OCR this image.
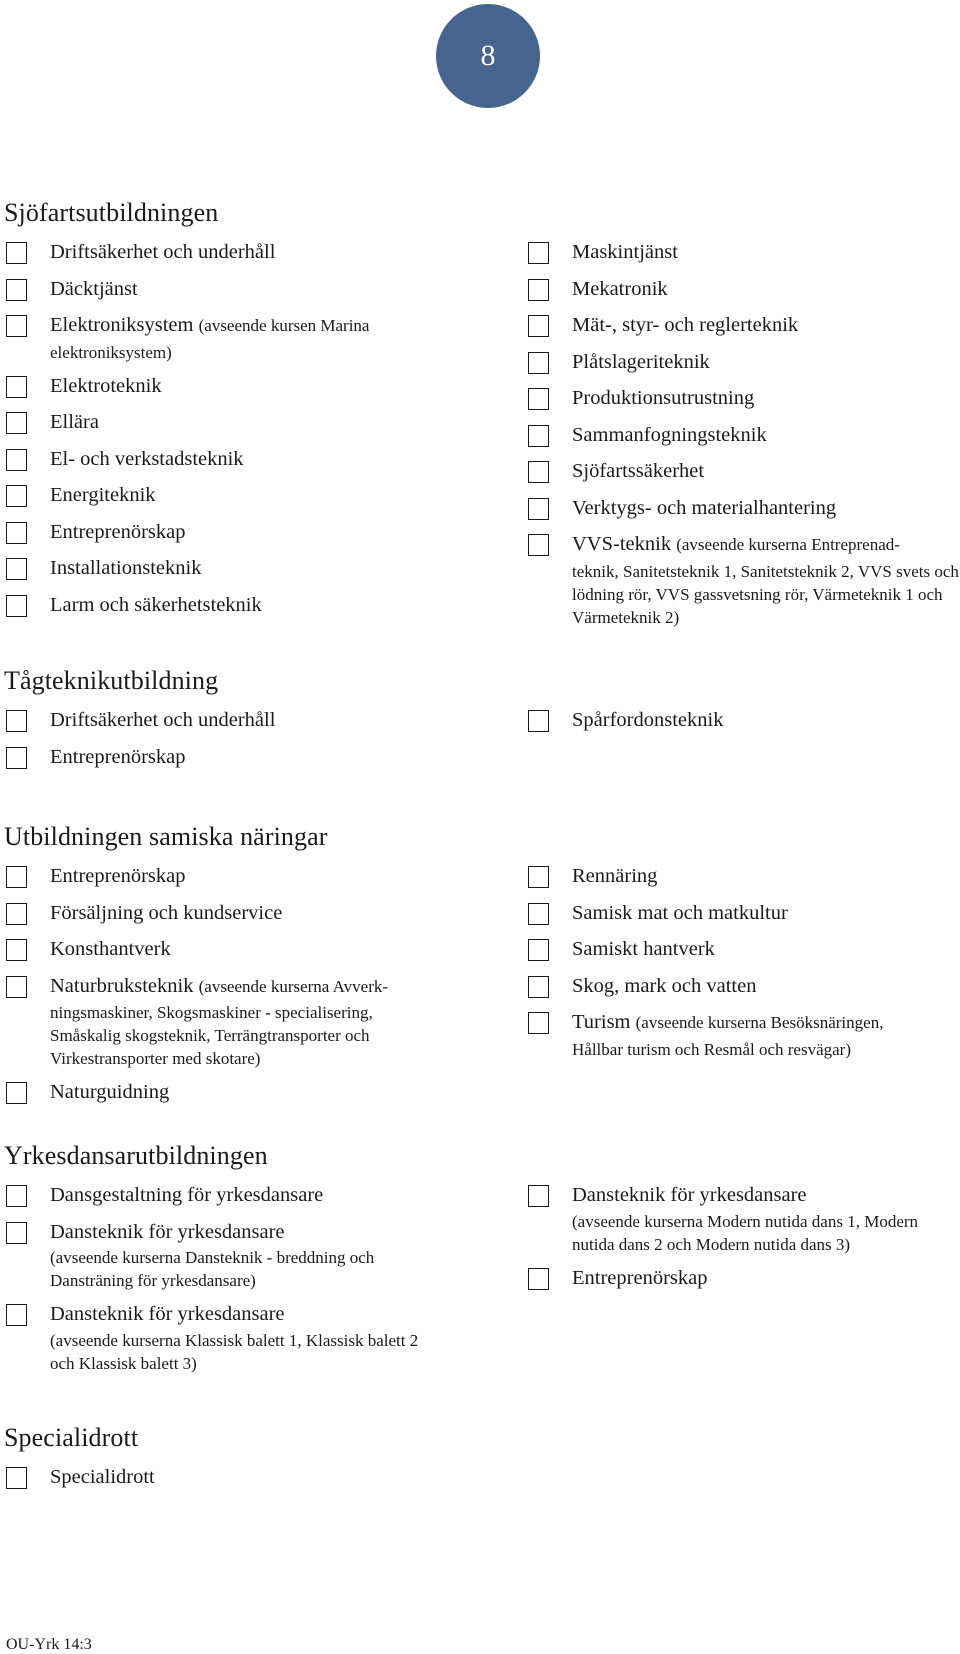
8
Sjöfartsutbildningen
Driftsäkerhet och underhåll
Däcktjänst
Elektroniksystem (avseende kursen Marina
elektroniksystem)
Elektroteknik
Ellära
El- och verkstadsteknik
Energiteknik
Entreprenörskap
Installationsteknik
Larm och säkerhetsteknik
Maskintjänst
Mekatronik
Mät-, styr- och reglerteknik
Plåtslageriteknik
Produktionsutrustning
Sammanfogningsteknik
Sjöfartssäkerhet
Verktygs- och materialhantering
VVS-teknik (avseende kurserna Entreprenad-
teknik, Sanitetsteknik 1, Sanitetsteknik 2, VVS svets och lödning rör, VVS gassvetsning rör, Värmeteknik 1 och Värmeteknik 2)
Tågteknikutbildning
Driftsäkerhet och underhåll
Entreprenörskap
Spårfordonsteknik
Utbildningen samiska näringar
Entreprenörskap
Försäljning och kundservice
Konsthantverk
Naturbruksteknik (avseende kurserna Avverk-
ningsmaskiner, Skogsmaskiner - specialisering, Småskalig skogsteknik, Terrängtransporter och Virkestransporter med skotare)
Naturguidning
Rennäring
Samisk mat och matkultur
Samiskt hantverk
Skog, mark och vatten
Turism (avseende kurserna Besöksnäringen,
Hållbar turism och Resmål och resvägar)
Yrkesdansarutbildningen
Dansgestaltning för yrkesdansare
Dansteknik för yrkesdansare
(avseende kurserna Dansteknik - breddning och Dansträning för yrkesdansare)
Dansteknik för yrkesdansare
(avseende kurserna Klassisk balett 1, Klassisk balett 2 och Klassisk balett 3)
Dansteknik för yrkesdansare
(avseende kurserna Modern nutida dans 1, Modern nutida dans 2 och Modern nutida dans 3)
Entreprenörskap
Specialidrott
Specialidrott
OU-Yrk 14:3
